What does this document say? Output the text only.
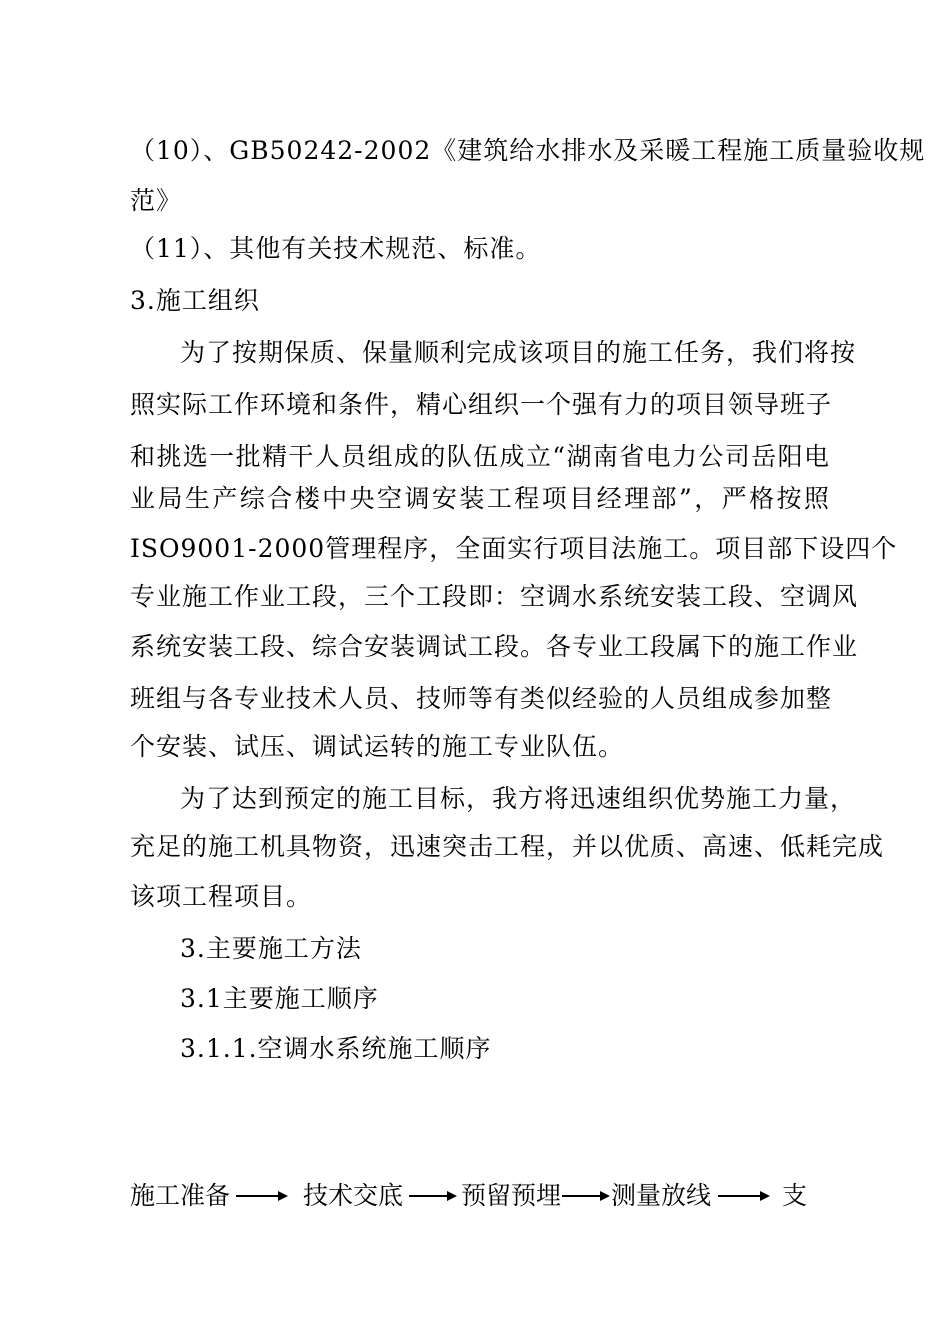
（10）、GB50242-2002《建筑给水排水及采暖工程施工质量验收规
范》
（11）、其他有关技术规范、标准。
3.施工组织
为了按期保质、保量顺利完成该项目的施工任务，我们将按
照实际工作环境和条件，精心组织一个强有力的项目领导班子
和挑选一批精干人员组成的队伍成立“湖南省电力公司岳阳电
业局生产综合楼中央空调安装工程项目经理部”，严格按照
ISO9001-2000管理程序，全面实行项目法施工。项目部下设四个
专业施工作业工段，三个工段即：空调水系统安装工段、空调风
系统安装工段、综合安装调试工段。各专业工段属下的施工作业
班组与各专业技术人员、技师等有类似经验的人员组成参加整
个安装、试压、调试运转的施工专业队伍。
为了达到预定的施工目标，我方将迅速组织优势施工力量，
充足的施工机具物资，迅速突击工程，并以优质、高速、低耗完成
该项工程项目。
3.主要施工方法
3.1主要施工顺序
3.1.1.空调水系统施工顺序
施工准备	技术交底 预留预埋 测量放线	支
